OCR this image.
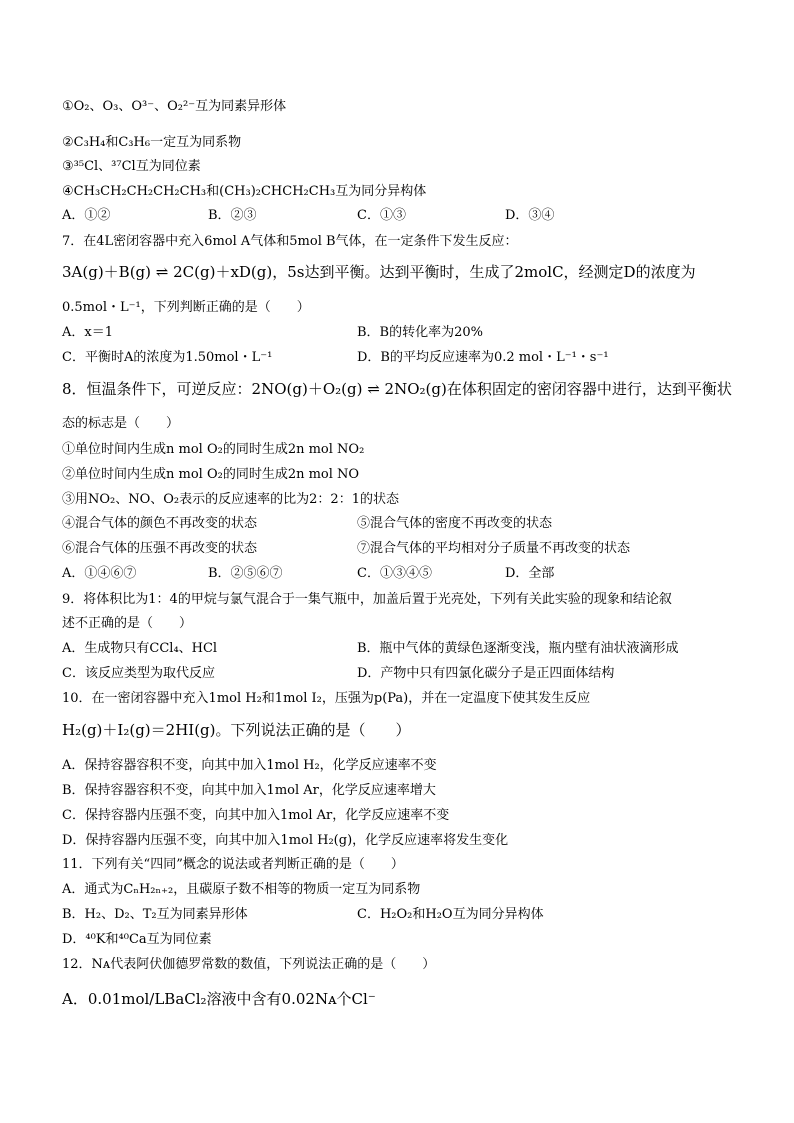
①O₂、O₃、O³⁻、O₂²⁻互为同素异形体
②C₃H₄和C₃H₆一定互为同系物
③³⁵Cl、³⁷Cl互为同位素
④CH₃CH₂CH₂CH₂CH₃和(CH₃)₂CHCH₂CH₃互为同分异构体
A．①②	B．②③	C．①③	D．③④
7．在4L密闭容器中充入6mol A气体和5mol B气体，在一定条件下发生反应：
3A(g)＋B(g) ⇌ 2C(g)＋xD(g)，5s达到平衡。达到平衡时，生成了2molC，经测定D的浓度为
0.5mol・L⁻¹，下列判断正确的是（　　）
A．x＝1	B．B的转化率为20%
C．平衡时A的浓度为1.50mol・L⁻¹	D．B的平均反应速率为0.2 mol・L⁻¹・s⁻¹
8．恒温条件下，可逆反应：2NO(g)＋O₂(g) ⇌ 2NO₂(g)在体积固定的密闭容器中进行，达到平衡状
态的标志是（　　）
①单位时间内生成n mol O₂的同时生成2n mol NO₂
②单位时间内生成n mol O₂的同时生成2n mol NO
③用NO₂、NO、O₂表示的反应速率的比为2：2：1的状态
④混合气体的颜色不再改变的状态	⑤混合气体的密度不再改变的状态
⑥混合气体的压强不再改变的状态	⑦混合气体的平均相对分子质量不再改变的状态
A．①④⑥⑦	B．②⑤⑥⑦	C．①③④⑤	D．全部
9．将体积比为1：4的甲烷与氯气混合于一集气瓶中，加盖后置于光亮处，下列有关此实验的现象和结论叙
述不正确的是（　　）
A．生成物只有CCl₄、HCl	B．瓶中气体的黄绿色逐渐变浅，瓶内壁有油状液滴形成
C．该反应类型为取代反应	D．产物中只有四氯化碳分子是正四面体结构
10．在一密闭容器中充入1mol H₂和1mol I₂，压强为p(Pa)，并在一定温度下使其发生反应
H₂(g)＋I₂(g)＝2HI(g)。下列说法正确的是（　　）
A．保持容器容积不变，向其中加入1mol H₂，化学反应速率不变
B．保持容器容积不变，向其中加入1mol Ar，化学反应速率增大
C．保持容器内压强不变，向其中加入1mol Ar，化学反应速率不变
D．保持容器内压强不变，向其中加入1mol H₂(g)，化学反应速率将发生变化
11．下列有关“四同”概念的说法或者判断正确的是（　　）
A．通式为CₙH₂ₙ₊₂，且碳原子数不相等的物质一定互为同系物
B．H₂、D₂、T₂互为同素异形体	C．H₂O₂和H₂O互为同分异构体
D．⁴⁰K和⁴⁰Ca互为同位素
12．Nᴀ代表阿伏伽德罗常数的数值，下列说法正确的是（　　）
A．0.01mol/LBaCl₂溶液中含有0.02Nᴀ个Cl⁻
